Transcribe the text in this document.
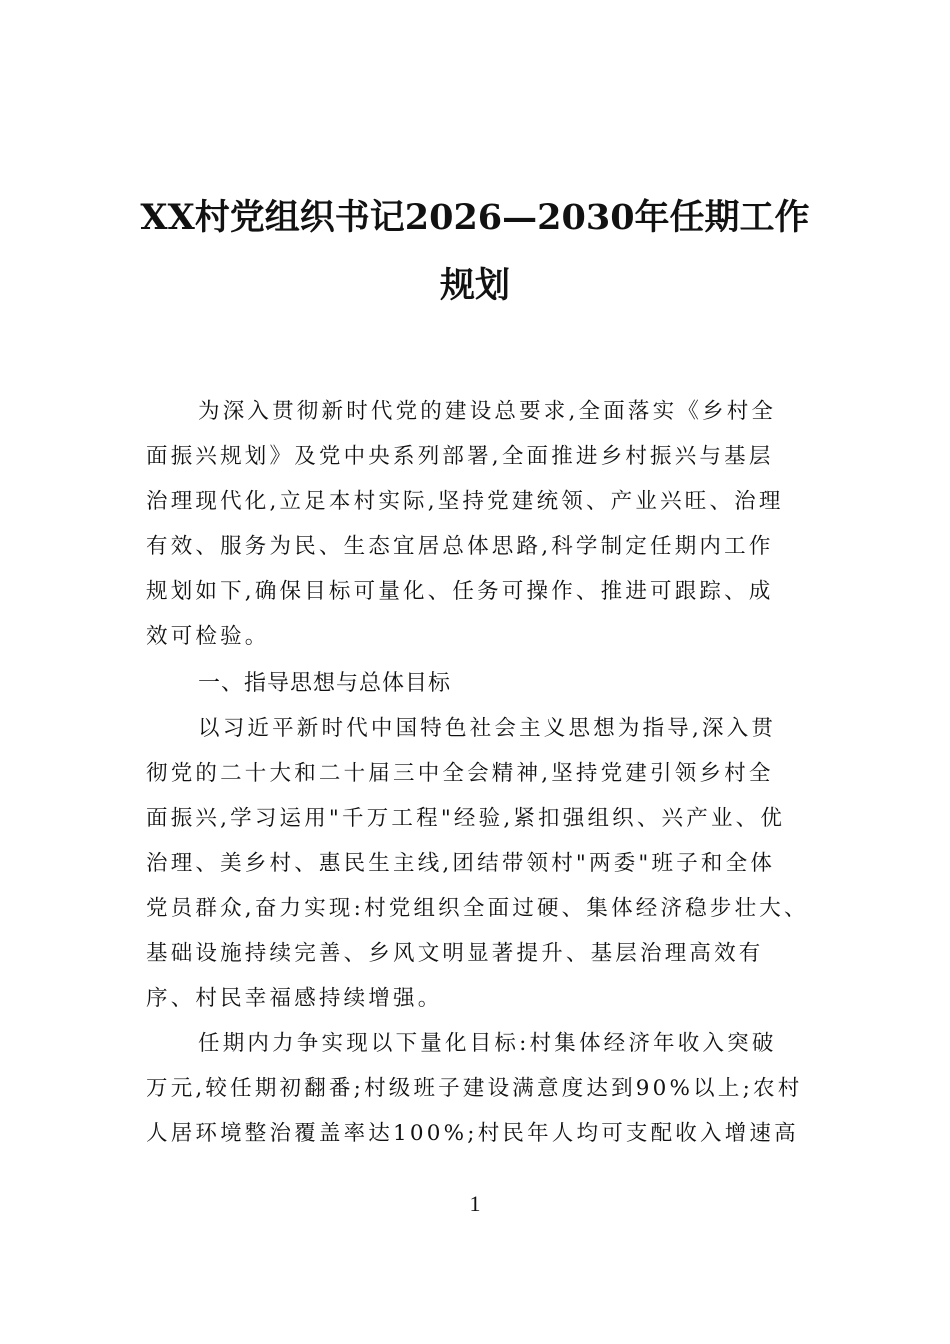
XX村党组织书记2026—2030年任期工作
规划
为深入贯彻新时代党的建设总要求,全面落实《乡村全
面振兴规划》及党中央系列部署,全面推进乡村振兴与基层
治理现代化,立足本村实际,坚持党建统领、产业兴旺、治理
有效、服务为民、生态宜居总体思路,科学制定任期内工作
规划如下,确保目标可量化、任务可操作、推进可跟踪、成
效可检验。
一、指导思想与总体目标
以习近平新时代中国特色社会主义思想为指导,深入贯
彻党的二十大和二十届三中全会精神,坚持党建引领乡村全
面振兴,学习运用"千万工程"经验,紧扣强组织、兴产业、优
治理、美乡村、惠民生主线,团结带领村"两委"班子和全体
党员群众,奋力实现:村党组织全面过硬、集体经济稳步壮大、
基础设施持续完善、乡风文明显著提升、基层治理高效有
序、村民幸福感持续增强。
任期内力争实现以下量化目标:村集体经济年收入突破
万元,较任期初翻番;村级班子建设满意度达到90%以上;农村
人居环境整治覆盖率达100%;村民年人均可支配收入增速高
1
